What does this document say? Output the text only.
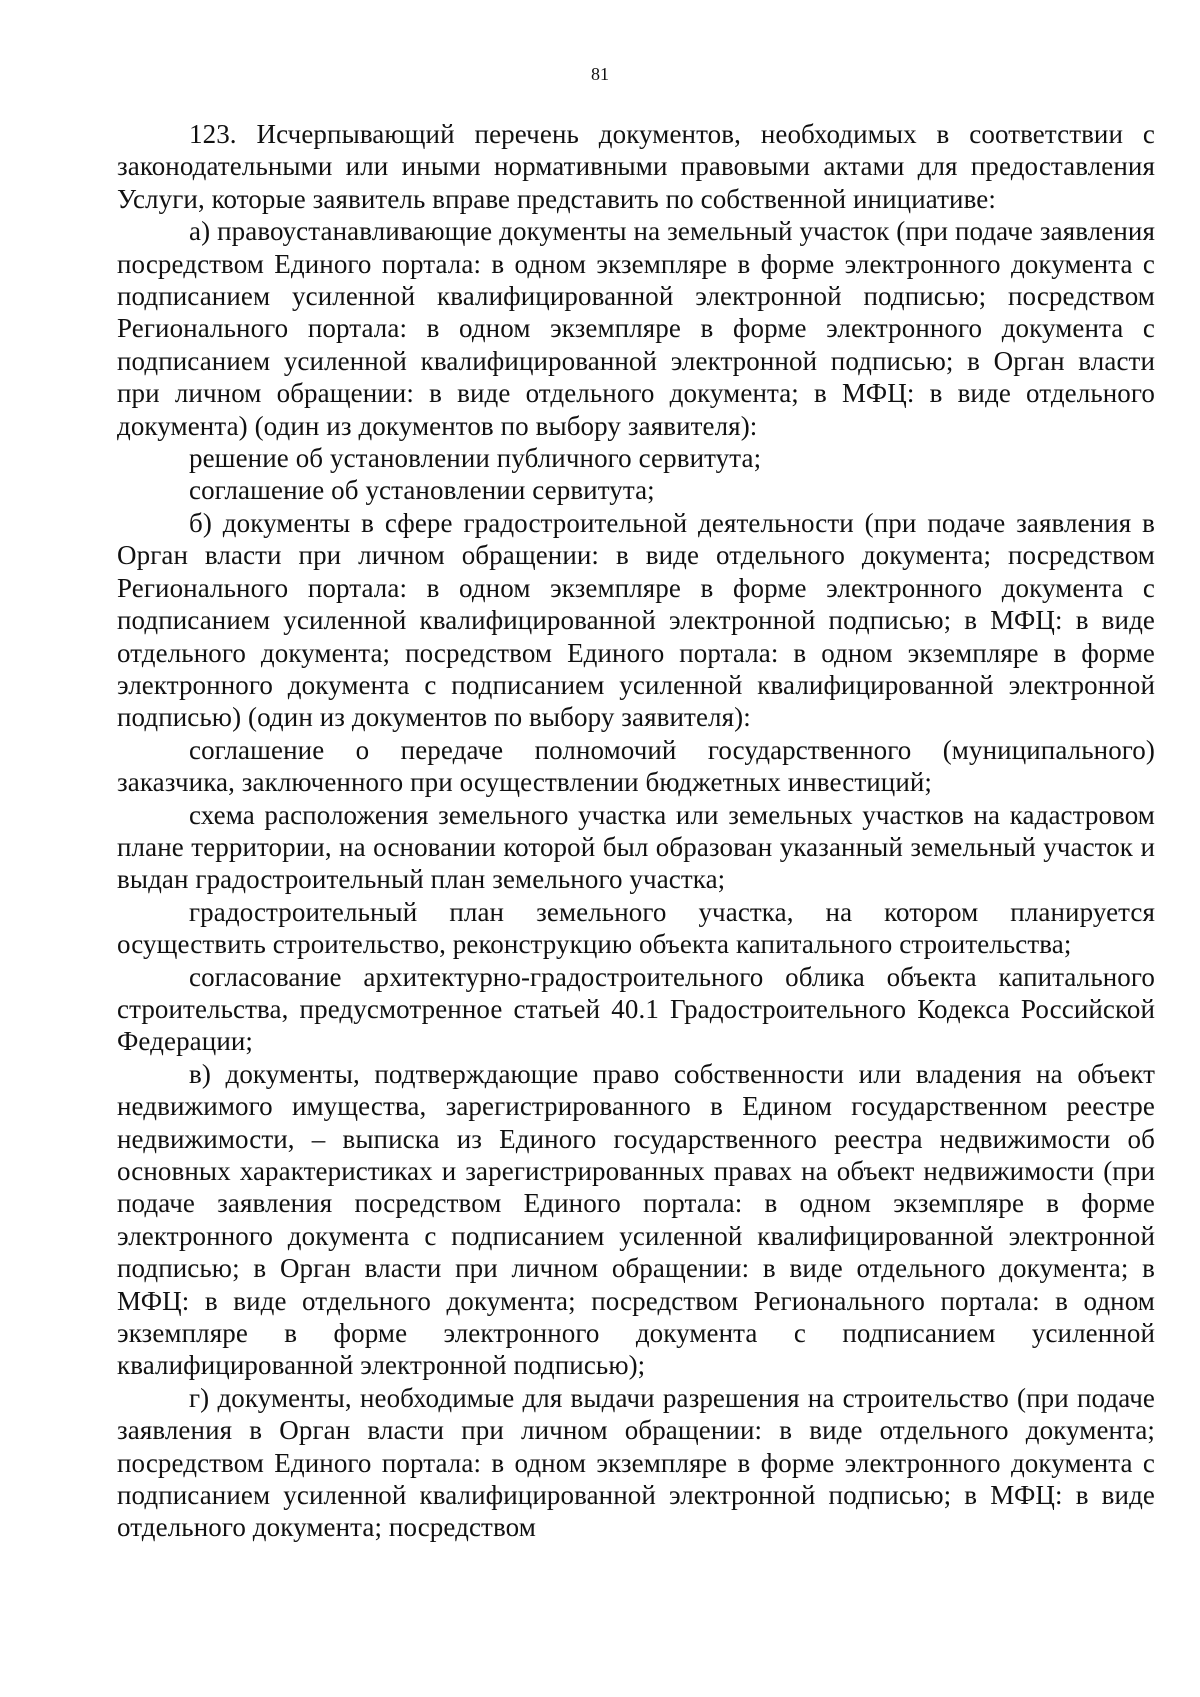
81

123. Исчерпывающий перечень документов, необходимых в соответствии с законодательными или иными нормативными правовыми актами для предоставления Услуги, которые заявитель вправе представить по собственной инициативе:

а) правоустанавливающие документы на земельный участок (при подаче заявления посредством Единого портала: в одном экземпляре в форме электронного документа с подписанием усиленной квалифицированной электронной подписью; посредством Регионального портала: в одном экземпляре в форме электронного документа с подписанием усиленной квалифицированной электронной подписью; в Орган власти при личном обращении: в виде отдельного документа; в МФЦ: в виде отдельного документа) (один из документов по выбору заявителя):

решение об установлении публичного сервитута;

соглашение об установлении сервитута;

б) документы в сфере градостроительной деятельности (при подаче заявления в Орган власти при личном обращении: в виде отдельного документа; посредством Регионального портала: в одном экземпляре в форме электронного документа с подписанием усиленной квалифицированной электронной подписью; в МФЦ: в виде отдельного документа; посредством Единого портала: в одном экземпляре в форме электронного документа с подписанием усиленной квалифицированной электронной подписью) (один из документов по выбору заявителя):

соглашение о передаче полномочий государственного (муниципального) заказчика, заключенного при осуществлении бюджетных инвестиций;

схема расположения земельного участка или земельных участков на кадастровом плане территории, на основании которой был образован указанный земельный участок и выдан градостроительный план земельного участка;

градостроительный план земельного участка, на котором планируется осуществить строительство, реконструкцию объекта капитального строительства;

согласование архитектурно-градостроительного облика объекта капитального строительства, предусмотренное статьей 40.1 Градостроительного Кодекса Российской Федерации;

в) документы, подтверждающие право собственности или владения на объект недвижимого имущества, зарегистрированного в Едином государственном реестре недвижимости, – выписка из Единого государственного реестра недвижимости об основных характеристиках и зарегистрированных правах на объект недвижимости (при подаче заявления посредством Единого портала: в одном экземпляре в форме электронного документа с подписанием усиленной квалифицированной электронной подписью; в Орган власти при личном обращении: в виде отдельного документа; в МФЦ: в виде отдельного документа; посредством Регионального портала: в одном экземпляре в форме электронного документа с подписанием усиленной квалифицированной электронной подписью);

г) документы, необходимые для выдачи разрешения на строительство (при подаче заявления в Орган власти при личном обращении: в виде отдельного документа; посредством Единого портала: в одном экземпляре в форме электронного документа с подписанием усиленной квалифицированной электронной подписью; в МФЦ: в виде отдельного документа; посредством
